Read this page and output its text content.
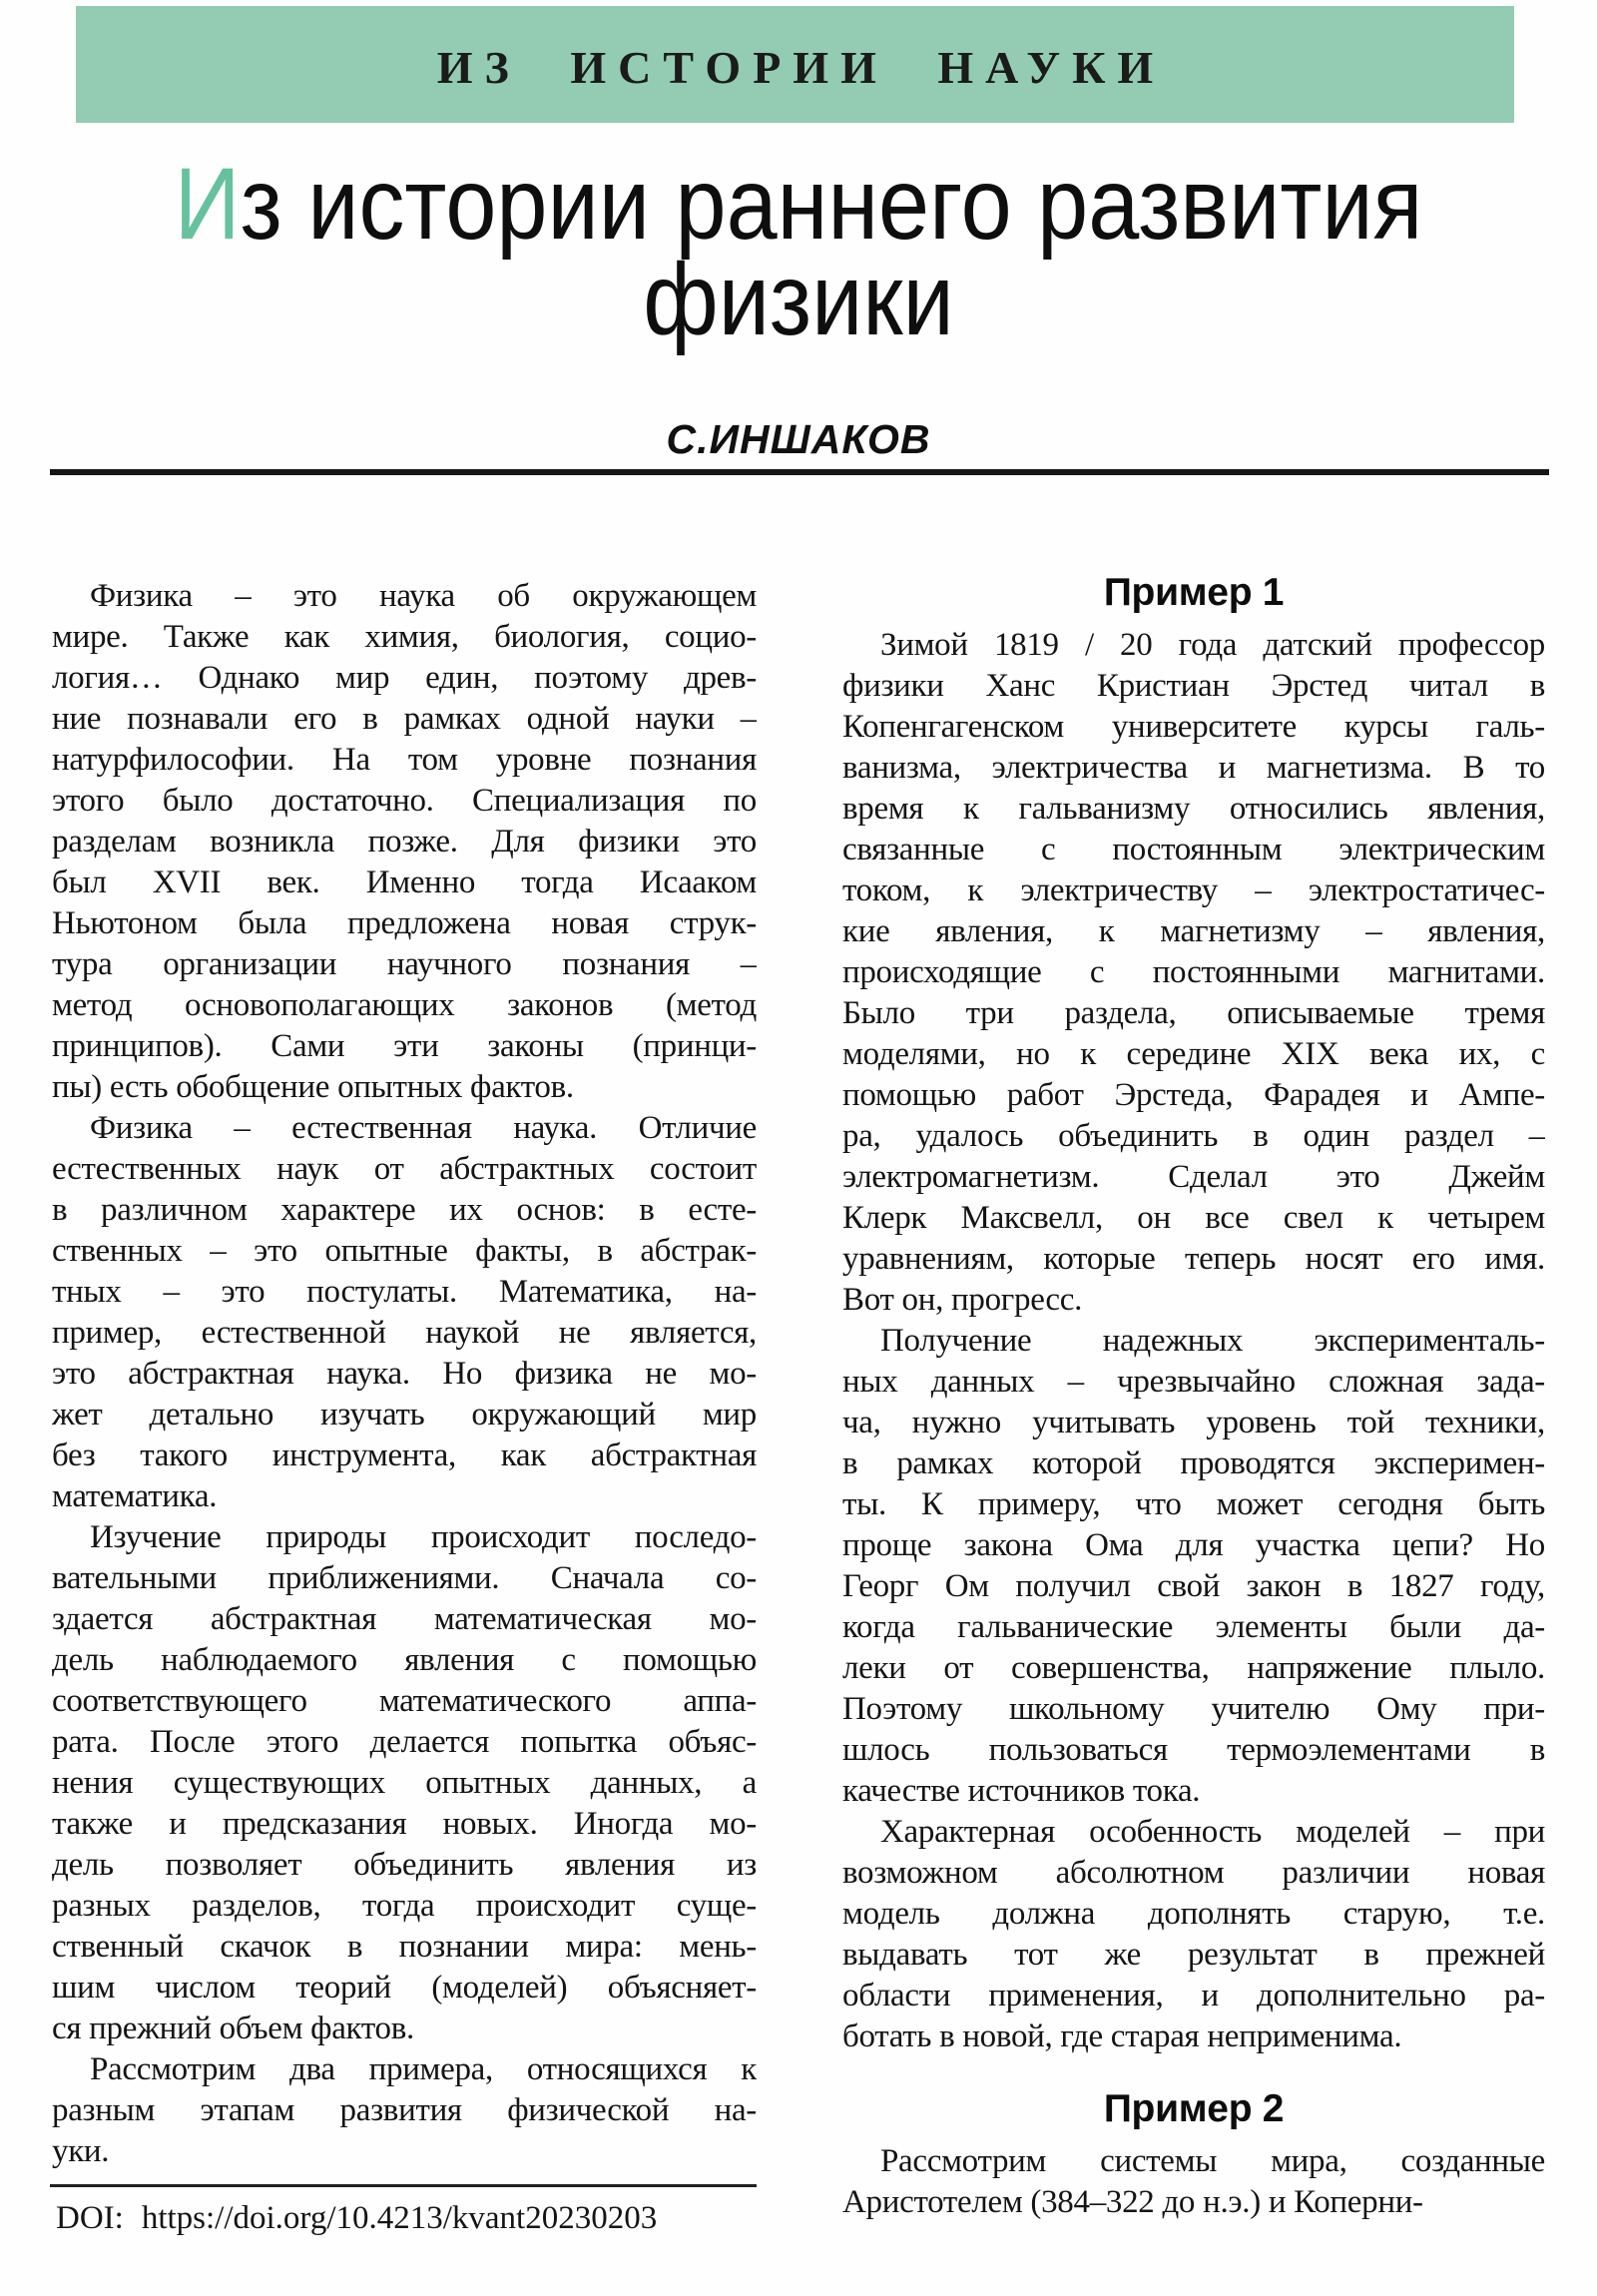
ИЗ ИСТОРИИ НАУКИ
Из истории раннего развития
физики
С.ИНШАКОВ
Физика – это наука об окружающем
мире. Также как химия, биология, социо-
логия… Однако мир един, поэтому древ-
ние познавали его в рамках одной науки –
натурфилософии. На том уровне познания
этого было достаточно. Специализация по
разделам возникла позже. Для физики это
был XVII век. Именно тогда Исааком
Ньютоном была предложена новая струк-
тура организации научного познания –
метод основополагающих законов (метод
принципов). Сами эти законы (принци-
пы) есть обобщение опытных фактов.
Физика – естественная наука. Отличие
естественных наук от абстрактных состоит
в различном характере их основ: в есте-
ственных – это опытные факты, в абстрак-
тных – это постулаты. Математика, на-
пример, естественной наукой не является,
это абстрактная наука. Но физика не мо-
жет детально изучать окружающий мир
без такого инструмента, как абстрактная
математика.
Изучение природы происходит последо-
вательными приближениями. Сначала со-
здается абстрактная математическая мо-
дель наблюдаемого явления с помощью
соответствующего математического аппа-
рата. После этого делается попытка объяс-
нения существующих опытных данных, а
также и предсказания новых. Иногда мо-
дель позволяет объединить явления из
разных разделов, тогда происходит суще-
ственный скачок в познании мира: мень-
шим числом теорий (моделей) объясняет-
ся прежний объем фактов.
Рассмотрим два примера, относящихся к
разным этапам развития физической на-
уки.
Пример 1
Зимой 1819 / 20 года датский профессор
физики Ханс Кристиан Эрстед читал в
Копенгагенском университете курсы галь-
ванизма, электричества и магнетизма. В то
время к гальванизму относились явления,
связанные с постоянным электрическим
током, к электричеству – электростатичес-
кие явления, к магнетизму – явления,
происходящие с постоянными магнитами.
Было три раздела, описываемые тремя
моделями, но к середине XIX века их, с
помощью работ Эрстеда, Фарадея и Ампе-
ра, удалось объединить в один раздел –
электромагнетизм. Сделал это Джейм
Клерк Максвелл, он все свел к четырем
уравнениям, которые теперь носят его имя.
Вот он, прогресс.
Получение надежных эксперименталь-
ных данных – чрезвычайно сложная зада-
ча, нужно учитывать уровень той техники,
в рамках которой проводятся эксперимен-
ты. К примеру, что может сегодня быть
проще закона Ома для участка цепи? Но
Георг Ом получил свой закон в 1827 году,
когда гальванические элементы были да-
леки от совершенства, напряжение плыло.
Поэтому школьному учителю Ому при-
шлось пользоваться термоэлементами в
качестве источников тока.
Характерная особенность моделей – при
возможном абсолютном различии новая
модель должна дополнять старую, т.е.
выдавать тот же результат в прежней
области применения, и дополнительно ра-
ботать в новой, где старая неприменима.
Пример 2
Рассмотрим системы мира, созданные
Аристотелем (384–322 до н.э.) и Коперни-
DOI: https://doi.org/10.4213/kvant20230203
